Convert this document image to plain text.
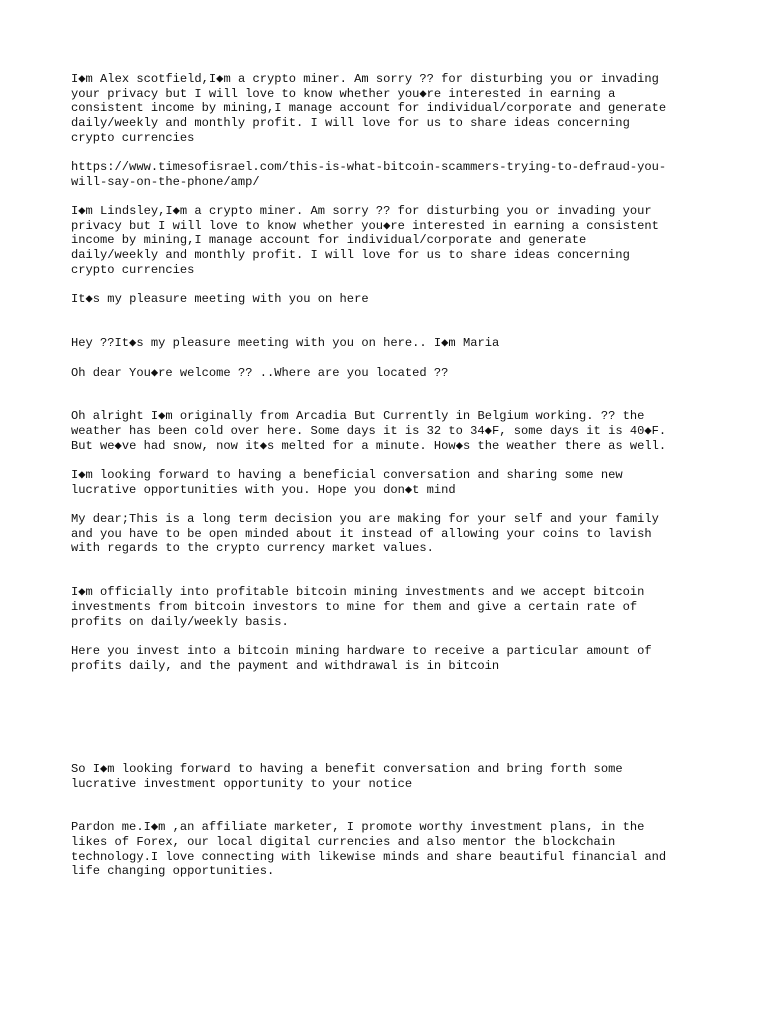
I◆m Alex scotfield,I◆m a crypto miner. Am sorry ?? for disturbing you or invading
your privacy but I will love to know whether you◆re interested in earning a
consistent income by mining,I manage account for individual/corporate and generate
daily/weekly and monthly profit. I will love for us to share ideas concerning
crypto currencies
https://www.timesofisrael.com/this-is-what-bitcoin-scammers-trying-to-defraud-you-
will-say-on-the-phone/amp/
I◆m Lindsley,I◆m a crypto miner. Am sorry ?? for disturbing you or invading your
privacy but I will love to know whether you◆re interested in earning a consistent
income by mining,I manage account for individual/corporate and generate
daily/weekly and monthly profit. I will love for us to share ideas concerning
crypto currencies
It◆s my pleasure meeting with you on here
Hey ??It◆s my pleasure meeting with you on here.. I◆m Maria
Oh dear You◆re welcome ?? ..Where are you located ??
Oh alright I◆m originally from Arcadia But Currently in Belgium working. ?? the
weather has been cold over here. Some days it is 32 to 34◆F, some days it is 40◆F.
But we◆ve had snow, now it◆s melted for a minute. How◆s the weather there as well.
I◆m looking forward to having a beneficial conversation and sharing some new
lucrative opportunities with you. Hope you don◆t mind
My dear;This is a long term decision you are making for your self and your family
and you have to be open minded about it instead of allowing your coins to lavish
with regards to the crypto currency market values.
I◆m officially into profitable bitcoin mining investments and we accept bitcoin
investments from bitcoin investors to mine for them and give a certain rate of
profits on daily/weekly basis.
Here you invest into a bitcoin mining hardware to receive a particular amount of
profits daily, and the payment and withdrawal is in bitcoin
So I◆m looking forward to having a benefit conversation and bring forth some
lucrative investment opportunity to your notice
Pardon me.I◆m ,an affiliate marketer, I promote worthy investment plans, in the
likes of Forex, our local digital currencies and also mentor the blockchain
technology.I love connecting with likewise minds and share beautiful financial and
life changing opportunities.
